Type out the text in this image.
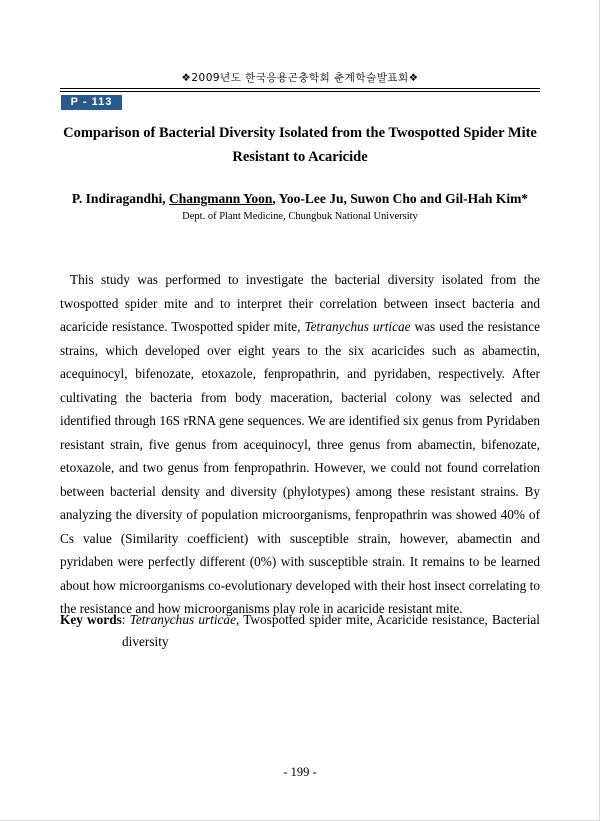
❖2009년도 한국응용곤충학회 춘계학술발표회❖
P - 113
Comparison of Bacterial Diversity Isolated from the Twospotted Spider Mite Resistant to Acaricide
P. Indiragandhi, Changmann Yoon, Yoo-Lee Ju, Suwon Cho and Gil-Hah Kim*
Dept. of Plant Medicine, Chungbuk National University

This study was performed to investigate the bacterial diversity isolated from the twospotted spider mite and to interpret their correlation between insect bacteria and acaricide resistance. Twospotted spider mite, Tetranychus urticae was used the resistance strains, which developed over eight years to the six acaricides such as abamectin, acequinocyl, bifenozate, etoxazole, fenpropathrin, and pyridaben, respectively. After cultivating the bacteria from body maceration, bacterial colony was selected and identified through 16S rRNA gene sequences. We are identified six genus from Pyridaben resistant strain, five genus from acequinocyl, three genus from abamectin, bifenozate, etoxazole, and two genus from fenpropathrin. However, we could not found correlation between bacterial density and diversity (phylotypes) among these resistant strains. By analyzing the diversity of population microorganisms, fenpropathrin was showed 40% of Cs value (Similarity coefficient) with susceptible strain, however, abamectin and pyridaben were perfectly different (0%) with susceptible strain. It remains to be learned about how microorganisms co-evolutionary developed with their host insect correlating to the resistance and how microorganisms play role in acaricide resistant mite.

Key words: Tetranychus urticae, Twospotted spider mite, Acaricide resistance, Bacterial diversity

- 199 -
